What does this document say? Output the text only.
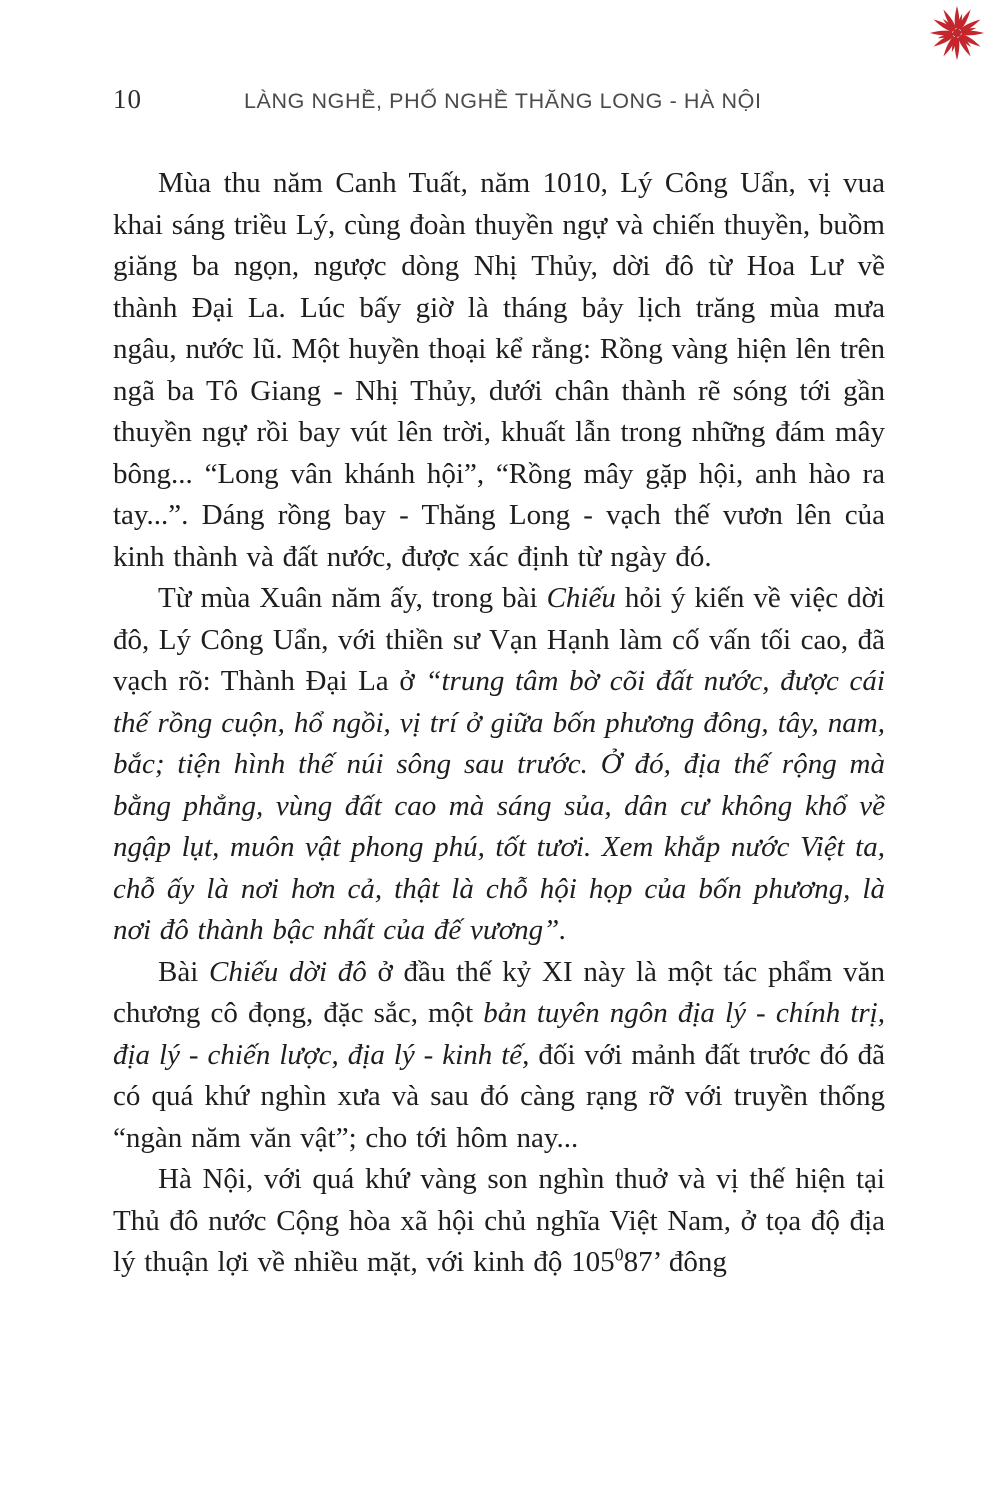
10	LÀNG NGHỀ, PHỐ NGHỀ THĂNG LONG - HÀ NỘI

Mùa thu năm Canh Tuất, năm 1010, Lý Công Uẩn, vị vua khai sáng triều Lý, cùng đoàn thuyền ngự và chiến thuyền, buồm giăng ba ngọn, ngược dòng Nhị Thủy, dời đô từ Hoa Lư về thành Đại La. Lúc bấy giờ là tháng bảy lịch trăng mùa mưa ngâu, nước lũ. Một huyền thoại kể rằng: Rồng vàng hiện lên trên ngã ba Tô Giang - Nhị Thủy, dưới chân thành rẽ sóng tới gần thuyền ngự rồi bay vút lên trời, khuất lẫn trong những đám mây bông... “Long vân khánh hội”, “Rồng mây gặp hội, anh hào ra tay...”. Dáng rồng bay - Thăng Long - vạch thế vươn lên của kinh thành và đất nước, được xác định từ ngày đó.

Từ mùa Xuân năm ấy, trong bài Chiếu hỏi ý kiến về việc dời đô, Lý Công Uẩn, với thiền sư Vạn Hạnh làm cố vấn tối cao, đã vạch rõ: Thành Đại La ở “trung tâm bờ cõi đất nước, được cái thế rồng cuộn, hổ ngồi, vị trí ở giữa bốn phương đông, tây, nam, bắc; tiện hình thế núi sông sau trước. Ở đó, địa thế rộng mà bằng phẳng, vùng đất cao mà sáng sủa, dân cư không khổ về ngập lụt, muôn vật phong phú, tốt tươi. Xem khắp nước Việt ta, chỗ ấy là nơi hơn cả, thật là chỗ hội họp của bốn phương, là nơi đô thành bậc nhất của đế vương”.

Bài Chiếu dời đô ở đầu thế kỷ XI này là một tác phẩm văn chương cô đọng, đặc sắc, một bản tuyên ngôn địa lý - chính trị, địa lý - chiến lược, địa lý - kinh tế, đối với mảnh đất trước đó đã có quá khứ nghìn xưa và sau đó càng rạng rỡ với truyền thống “ngàn năm văn vật”; cho tới hôm nay...

Hà Nội, với quá khứ vàng son nghìn thuở và vị thế hiện tại Thủ đô nước Cộng hòa xã hội chủ nghĩa Việt Nam, ở tọa độ địa lý thuận lợi về nhiều mặt, với kinh độ $105^087$’ đông
